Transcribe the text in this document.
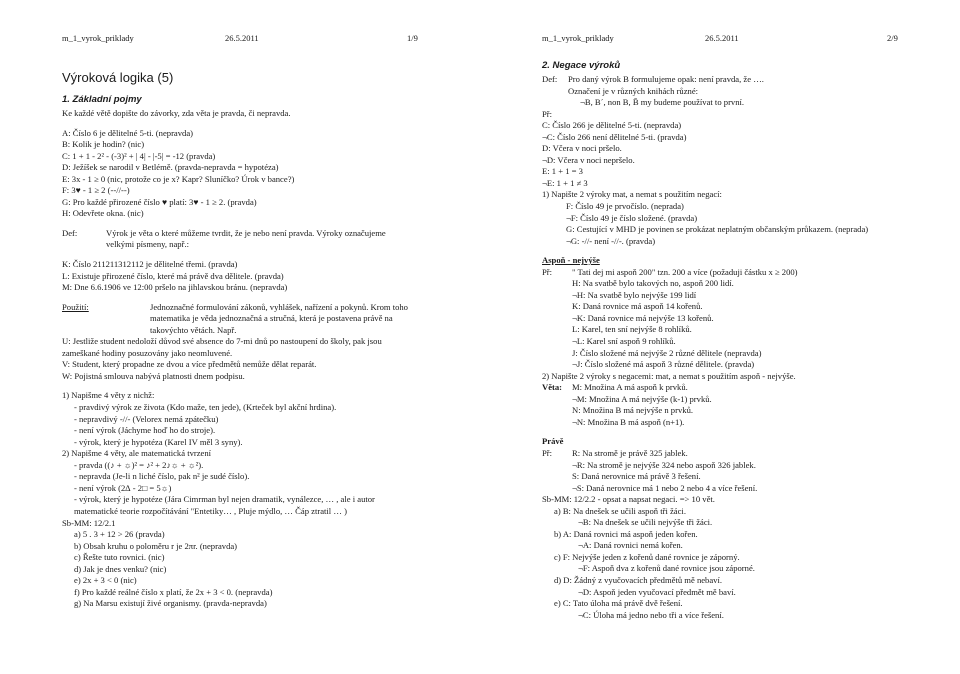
m_1_vyrok_priklady	26.5.2011	1/9
Výroková logika (5)
1. Základní pojmy
Ke každé větě dopište do závorky, zda věta je pravda, či nepravda.
A: Číslo 6 je dělitelné 5-ti. (nepravda)
B: Kolik je hodin? (nic)
C: 1 + 1 - 2² - (-3)² + | 4| - |-5| = -12 (pravda)
D: Ježíšek se narodil v Betlémě. (pravda-nepravda = hypotéza)
E: 3x - 1 ≥ 0 (nic, protože co je x? Kapr? Sluníčko? Úrok v bance?)
F: 3♥ - 1 ≥ 2 (--//--)
G: Pro každé přirozené číslo ♥ platí: 3♥ - 1 ≥ 2. (pravda)
H: Odevřete okna. (nic)
Def:	Výrok je věta o které můžeme tvrdit, že je nebo není pravda. Výroky označujeme
velkými písmeny, např.:
K: Číslo 211211312112 je dělitelné třemi. (pravda)
L: Existuje přirozené číslo, které má právě dva dělitele. (pravda)
M: Dne 6.6.1906 ve 12:00 pršelo na jihlavskou bránu. (nepravda)
Použití:	Jednoznačné formulování zákonů, vyhlášek, nařízení a pokynů. Krom toho
matematika je věda jednoznačná a stručná, která je postavena právě na
takovýchto větách. Např.
U: Jestliže student nedoloží důvod své absence do 7-mi dnů po nastoupení do školy, pak jsou
zameškané hodiny posuzovány jako neomluvené.
V: Student, který propadne ze dvou a více předmětů nemůže dělat reparát.
W: Pojistná smlouva nabývá platnosti dnem podpisu.
1) Napišme 4 věty z nichž:
- pravdivý výrok ze života (Kdo maže, ten jede), (Krteček byl akční hrdina).
- nepravdivý -//- (Velorex nemá zpátečku)
- není výrok (Jáchyme hoď ho do stroje).
- výrok, který je hypotéza (Karel IV měl 3 syny).
2) Napišme 4 věty, ale matematická tvrzení
- pravda ((♪ + ☼)² = ♪² + 2♪☼ + ☼²).
- nepravda (Je-li n liché číslo, pak n² je sudé číslo).
- není výrok (2∆ - 2□ = 5☼)
- výrok, který je hypotéze (Jára Cimrman byl nejen dramatik, vynálezce, … , ale i autor
matematické teorie rozpočítávání "Entetiky… , Pluje mýdlo, … Čáp ztratil … )
Sb-MM: 12/2.1
a) 5 . 3 + 12 > 26 (pravda)
b) Obsah kruhu o poloměru r je 2πr. (nepravda)
c) Řešte tuto rovnici. (nic)
d) Jak je dnes venku? (nic)
e) 2x + 3 < 0 (nic)
f) Pro každé reálné číslo x platí, že 2x + 3 < 0. (nepravda)
g) Na Marsu existují živé organismy. (pravda-nepravda)
m_1_vyrok_priklady	26.5.2011	2/9
2. Negace výroků
Def:	Pro daný výrok B formulujeme opak: není pravda, že ….
Označení je v různých knihách různé:
¬B, B´, non B, B̄ my budeme používat to první.
Př:
C: Číslo 266 je dělitelné 5-ti. (nepravda)
¬C: Číslo 266 není dělitelné 5-ti. (pravda)
D: Včera v noci pršelo.
¬D: Včera v noci nepršelo.
E: 1 + 1 = 3
¬E: 1 + 1 ≠ 3
1) Napište 2 výroky mat, a nemat s použitím negací:
F: Číslo 49 je prvočíslo. (neprada)
¬F: Číslo 49 je číslo složené. (pravda)
G: Cestující v MHD je povinen se prokázat neplatným občanským průkazem. (neprada)
¬G: -//- není -//-. (pravda)
Aspoň - nejvýše
Př:	" Tati dej mi aspoň 200" tzn. 200 a více (požaduji částku x ≥ 200)
H: Na svatbě bylo takových no, aspoň 200 lidí.
¬H: Na svatbě bylo nejvýše 199 lidí
K: Daná rovnice má aspoň 14 kořenů.
¬K: Daná rovnice má nejvýše 13 kořenů.
L: Karel, ten sní nejvýše 8 rohlíků.
¬L: Karel sní aspoň 9 rohlíků.
J: Číslo složené má nejvýše 2 různé dělitele (nepravda)
¬J: Číslo složené má aspoň 3 různé dělitele. (pravda)
2) Napište 2 výroky s negacemi: mat, a nemat s použitím aspoň - nejvýše.
Věta:	M: Množina A má aspoň k prvků.
¬M: Množina A má nejvýše (k-1) prvků.
N: Množina B má nejvýše n prvků.
¬N: Množina B má aspoň (n+1).
Právě
Př:	R: Na stromě je právě 325 jablek.
¬R: Na stromě je nejvýše 324 nebo aspoň 326 jablek.
S: Daná nerovnice má právě 3 řešení.
¬S: Daná nerovnice má 1 nebo 2 nebo 4 a více řešení.
Sb-MM: 12/2.2 - opsat a napsat negaci. => 10 vět.
a) B: Na dnešek se učili aspoň tři žáci.
¬B: Na dnešek se učili nejvýše tři žáci.
b) A: Daná rovnici má aspoň jeden kořen.
¬A: Daná rovnici nemá kořen.
c) F: Nejvýše jeden z kořenů dané rovnice je záporný.
¬F: Aspoň dva z kořenů dané rovnice jsou záporné.
d) D: Žádný z vyučovacích předmětů mě nebaví.
¬D: Aspoň jeden vyučovací předmět mě baví.
e) C: Tato úloha má právě dvě řešení.
¬C: Úloha má jedno nebo tři a více řešení.
